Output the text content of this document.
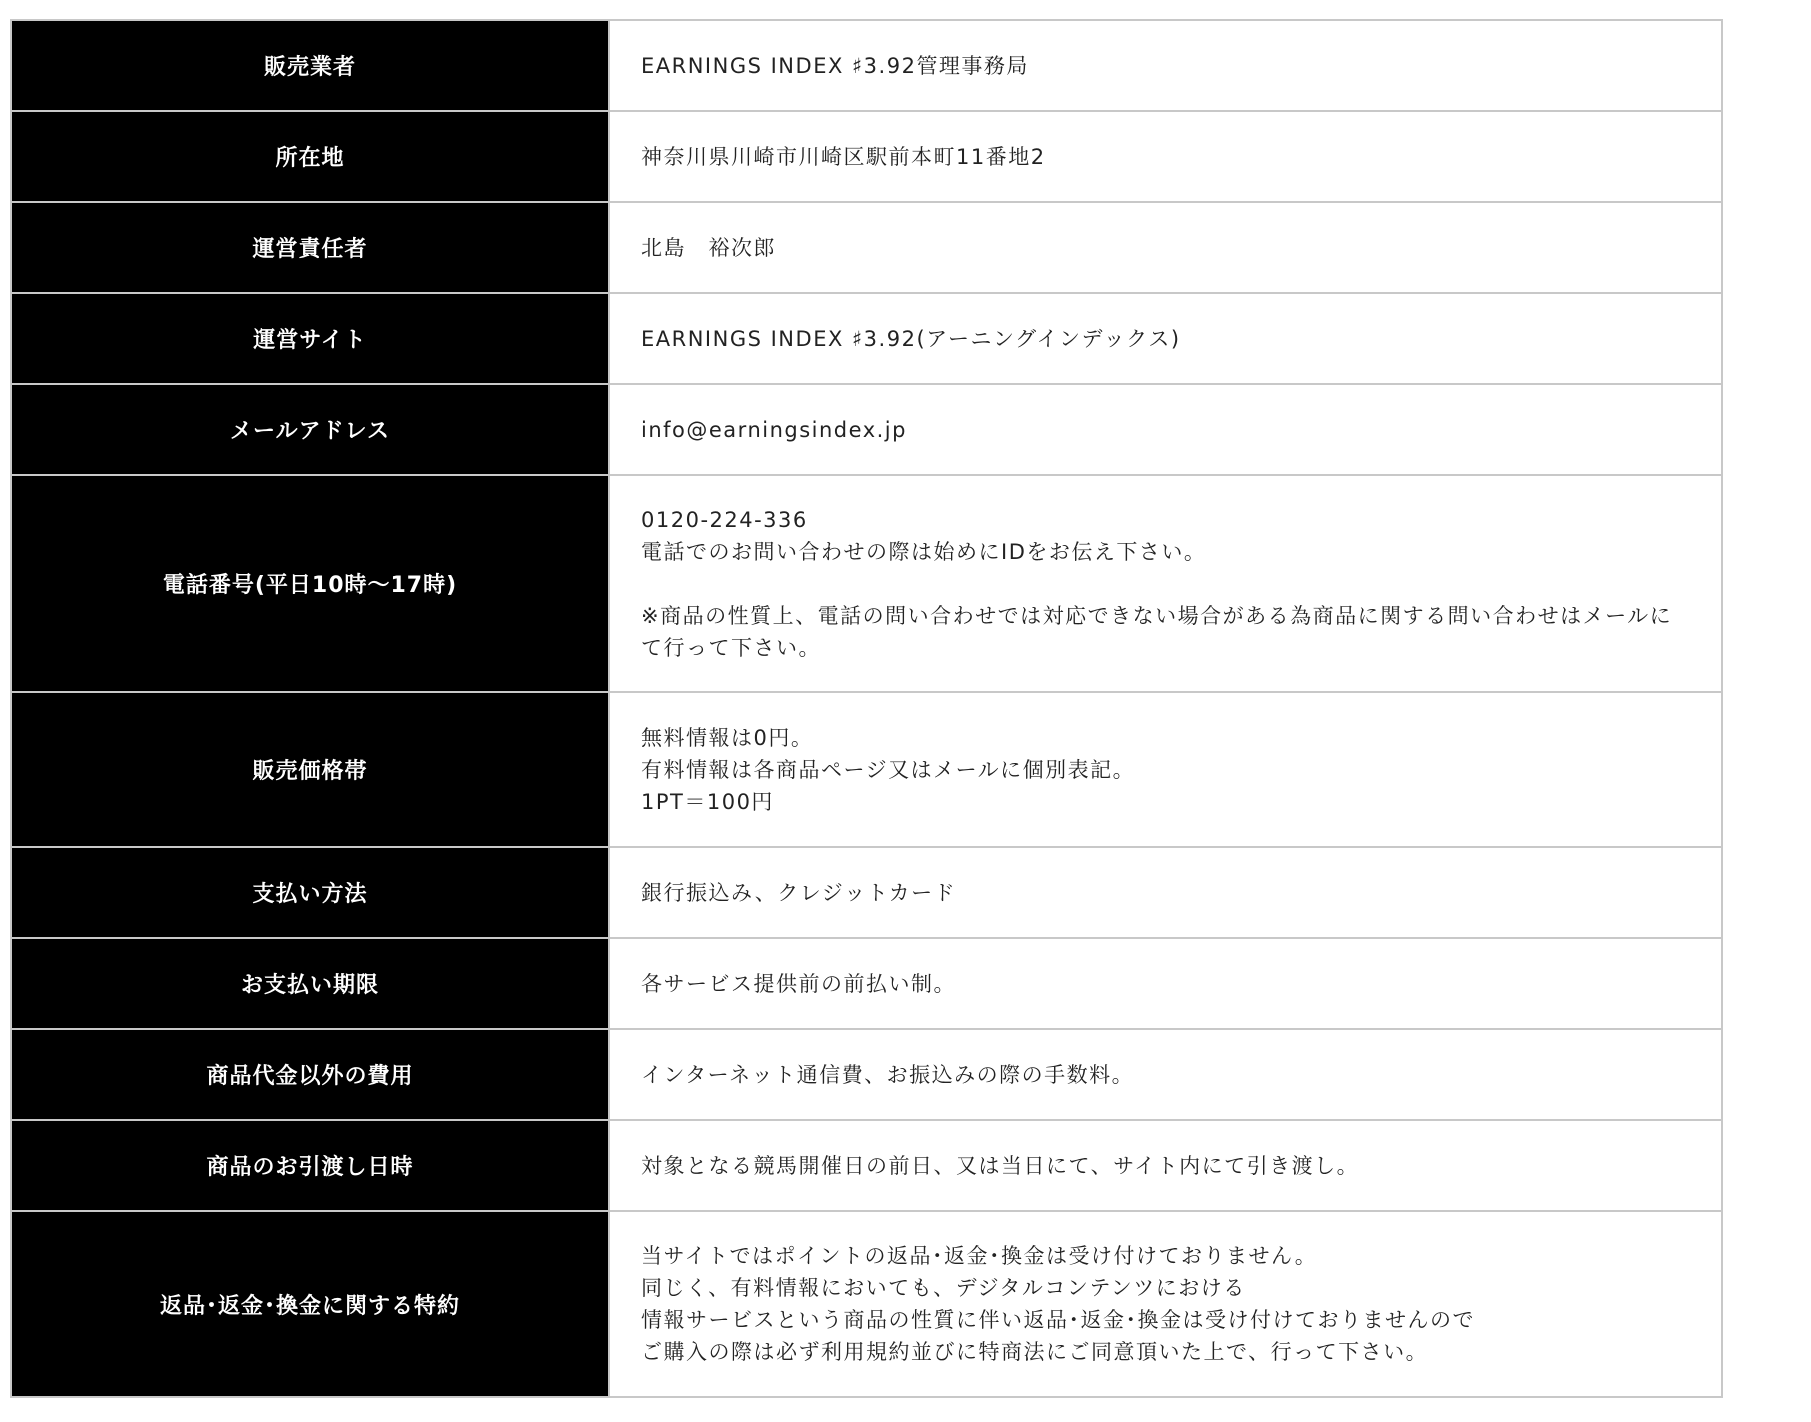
販売業者	EARNINGS INDEX ♯3.92管理事務局
所在地	神奈川県川崎市川崎区駅前本町11番地2
運営責任者	北島　裕次郎
運営サイト	EARNINGS INDEX ♯3.92(アーニングインデックス)
メールアドレス	info@earningsindex.jp
電話番号(平日10時～17時)	0120-224-336
電話でのお問い合わせの際は始めにIDをお伝え下さい。

※商品の性質上、電話の問い合わせでは対応できない場合がある為商品に関する問い合わせはメールにて行って下さい。
販売価格帯	無料情報は0円。
有料情報は各商品ページ又はメールに個別表記。
1PT＝100円
支払い方法	銀行振込み、クレジットカード
お支払い期限	各サービス提供前の前払い制。
商品代金以外の費用	インターネット通信費、お振込みの際の手数料。
商品のお引渡し日時	対象となる競馬開催日の前日、又は当日にて、サイト内にて引き渡し。
返品･返金･換金に関する特約	当サイトではポイントの返品･返金･換金は受け付けておりません。
同じく、有料情報においても、デジタルコンテンツにおける
情報サービスという商品の性質に伴い返品･返金･換金は受け付けておりませんので
ご購入の際は必ず利用規約並びに特商法にご同意頂いた上で、行って下さい。
